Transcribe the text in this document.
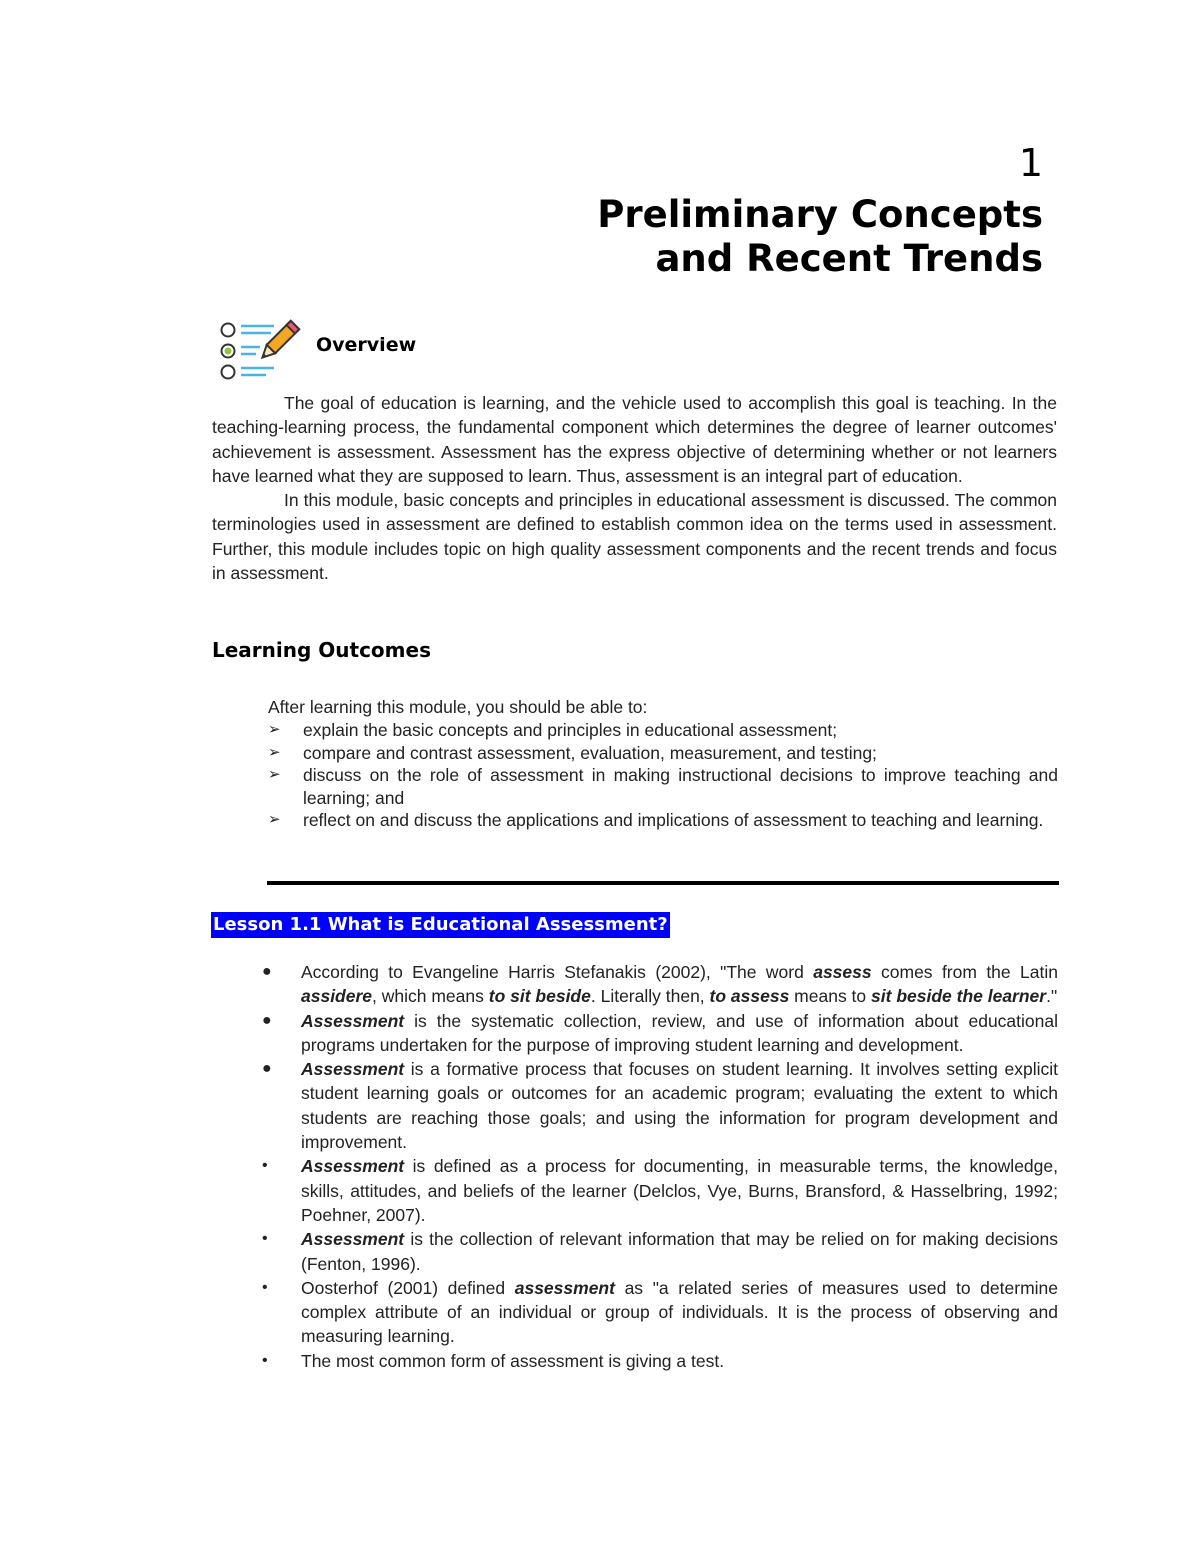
1
Preliminary Concepts
and Recent Trends
Overview

The goal of education is learning, and the vehicle used to accomplish this goal is teaching. In the teaching-learning process, the fundamental component which determines the degree of learner outcomes' achievement is assessment. Assessment has the express objective of determining whether or not learners have learned what they are supposed to learn. Thus, assessment is an integral part of education.

In this module, basic concepts and principles in educational assessment is discussed. The common terminologies used in assessment are defined to establish common idea on the terms used in assessment. Further, this module includes topic on high quality assessment components and the recent trends and focus in assessment.

Learning Outcomes
After learning this module, you should be able to:
➢ explain the basic concepts and principles in educational assessment;
➢ compare and contrast assessment, evaluation, measurement, and testing;
➢ discuss on the role of assessment in making instructional decisions to improve teaching and learning; and
➢ reflect on and discuss the applications and implications of assessment to teaching and learning.
Lesson 1.1 What is Educational Assessment?
● According to Evangeline Harris Stefanakis (2002), "The word assess comes from the Latin assidere, which means to sit beside. Literally then, to assess means to sit beside the learner."
● Assessment is the systematic collection, review, and use of information about educational programs undertaken for the purpose of improving student learning and development.
● Assessment is a formative process that focuses on student learning. It involves setting explicit student learning goals or outcomes for an academic program; evaluating the extent to which students are reaching those goals; and using the information for program development and improvement.
• Assessment is defined as a process for documenting, in measurable terms, the knowledge, skills, attitudes, and beliefs of the learner (Delclos, Vye, Burns, Bransford, & Hasselbring, 1992; Poehner, 2007).
• Assessment is the collection of relevant information that may be relied on for making decisions (Fenton, 1996).
• Oosterhof (2001) defined assessment as "a related series of measures used to determine complex attribute of an individual or group of individuals. It is the process of observing and measuring learning.
• The most common form of assessment is giving a test.
